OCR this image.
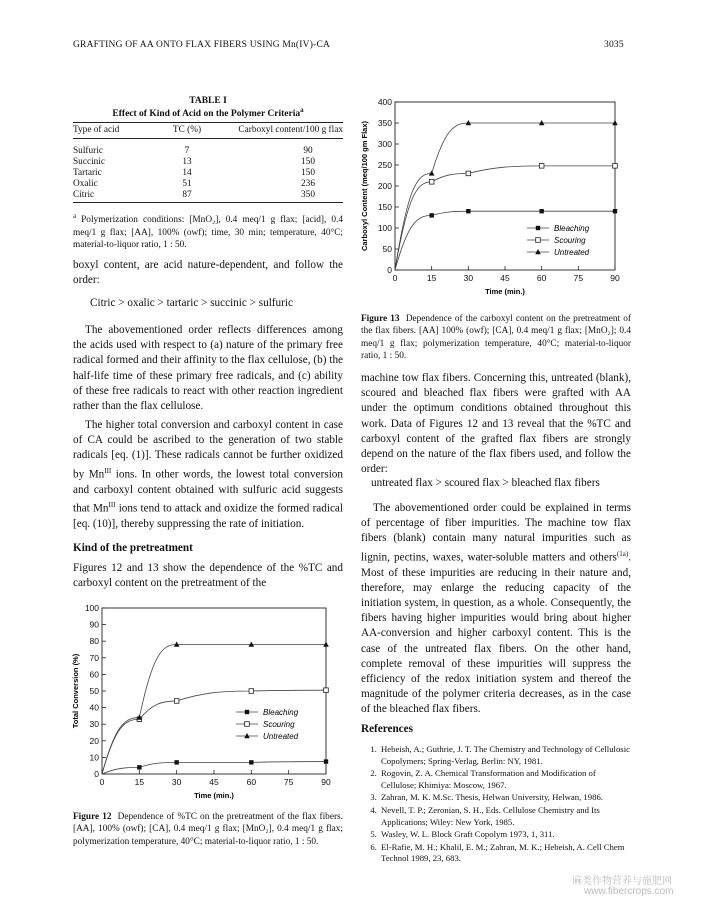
GRAFTING OF AA ONTO FLAX FIBERS USING Mn(IV)-CA	3035
TABLE I
Effect of Kind of Acid on the Polymer Criteria$^a$
Type of acid	TC (%)	Carboxyl content/100 g flax
Sulfuric	7	90
Succinic	13	150
Tartaric	14	150
Oxalic	51	236
Citric	87	350
$^a$ Polymerization conditions: [MnO₂], 0.4 meq/1 g flax; [acid], 0.4 meq/1 g flax; [AA], 100% (owf); time, 30 min; temperature, 40°C; material-to-liquor ratio, 1 : 50.
boxyl content, are acid nature-dependent, and follow the order:
Citric > oxalic > tartaric > succinic > sulfuric
The abovementioned order reflects differences among the acids used with respect to (a) nature of the primary free radical formed and their affinity to the flax cellulose, (b) the half-life time of these primary free radicals, and (c) ability of these free radicals to react with other reaction ingredient rather than the flax cellulose.
The higher total conversion and carboxyl content in case of CA could be ascribed to the generation of two stable radicals [eq. (1)]. These radicals cannot be further oxidized by $Mn^{III}$ ions. In other words, the lowest total conversion and carboxyl content obtained with sulfuric acid suggests that $Mn^{III}$ ions tend to attack and oxidize the formed radical [eq. (10)], thereby suppressing the rate of initiation.
Kind of the pretreatment
Figures 12 and 13 show the dependence of the %TC and carboxyl content on the pretreatment of the
0
10
20
30
40
50
60
70
80
90
100
0	15	30	45	60	75	90
Time (min.)
Total Conversion (%)	Bleaching
Scouring
Untreated
Figure 12 Dependence of %TC on the pretreatment of the flax fibers. [AA], 100% (owf); [CA], 0.4 meq/1 g flax; [MnO₂], 0.4 meq/1 g flax; polymerization temperature, 40°C; material-to-liquor ratio, 1 : 50.
0
50
100
150
200
250
300
350
400
0	15	30	45	60	75	90
Time (min.)
Carboxyl Content (meq/100 gm Flax)	Bleaching
Scouring
Untreated
Figure 13 Dependence of the carboxyl content on the pretreatment of the flax fibers. [AA] 100% (owf); [CA], 0.4 meq/1 g flax; [MnO₂]; 0.4 meq/1 g flax; polymerization temperature, 40°C; material-to-liquor ratio, 1 : 50.
machine tow flax fibers. Concerning this, untreated (blank), scoured and bleached flax fibers were grafted with AA under the optimum conditions obtained throughout this work. Data of Figures 12 and 13 reveal that the %TC and carboxyl content of the grafted flax fibers are strongly depend on the nature of the flax fibers used, and follow the order:
untreated flax > scoured flax > bleached flax fibers
The abovementioned order could be explained in terms of percentage of fiber impurities. The machine tow flax fibers (blank) contain many natural impurities such as lignin, pectins, waxes, water-soluble matters and others$^{(1a)}$. Most of these impurities are reducing in their nature and, therefore, may enlarge the reducing capacity of the initiation system, in question, as a whole. Consequently, the fibers having higher impurities would bring about higher AA-conversion and higher carboxyl content. This is the case of the untreated flax fibers. On the other hand, complete removal of these impurities will suppress the efficiency of the redox initiation system and thereof the magnitude of the polymer criteria decreases, as in the case of the bleached flax fibers.
References
1. Hebeish, A.; Guthrie, J. T. The Chemistry and Technology of Cellulosic Copolymers; Spring-Verlag, Berlin: NY, 1981.
2. Rogovin, Z. A. Chemical Transformation and Modification of Cellulose; Khimiya: Moscow, 1967.
3. Zahran, M. K. M.Sc. Thesis, Helwan University, Helwan, 1986.
4. Nevell, T. P.; Zeronian, S. H., Eds. Cellulose Chemistry and Its Applications; Wiley: New York, 1985.
5. Wasley, W. L. Block Graft Copolym 1973, 1, 311.
6. El-Rafie, M. H.; Khalil, E. M.; Zahran, M. K.; Hebeish, A. Cell Chem Technol 1989, 23, 683.
麻类作物营养与施肥网
www.fibercrops.com
